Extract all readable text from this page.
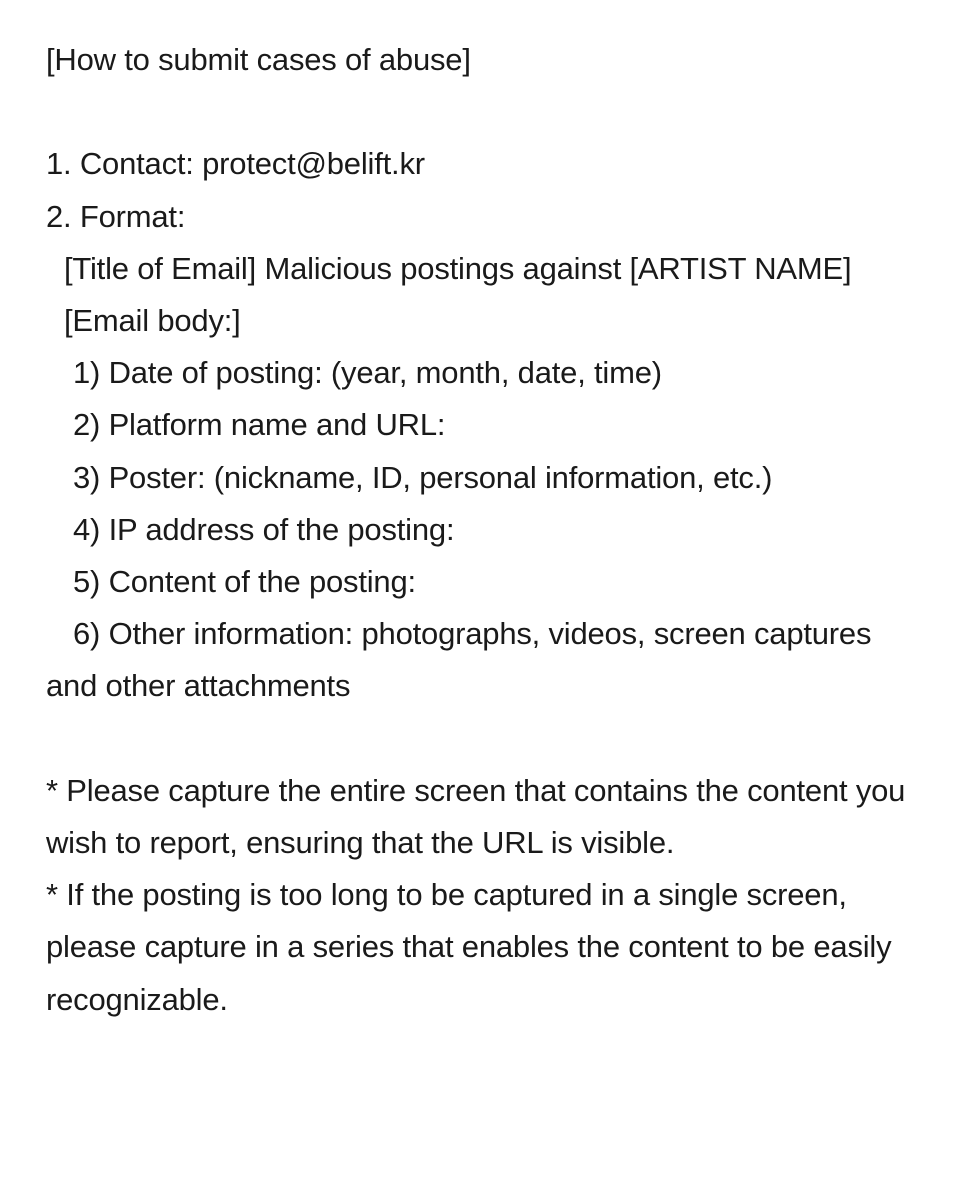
[How to submit cases of abuse]
1. Contact: protect@belift.kr
2. Format:
[Title of Email] Malicious postings against [ARTIST NAME]
[Email body:]
1) Date of posting: (year, month, date, time)
2) Platform name and URL:
3) Poster: (nickname, ID, personal information, etc.)
4) IP address of the posting:
5) Content of the posting:
6) Other information: photographs, videos, screen captures and other attachments
* Please capture the entire screen that contains the content you wish to report, ensuring that the URL is visible.
* If the posting is too long to be captured in a single screen, please capture in a series that enables the content to be easily recognizable.
